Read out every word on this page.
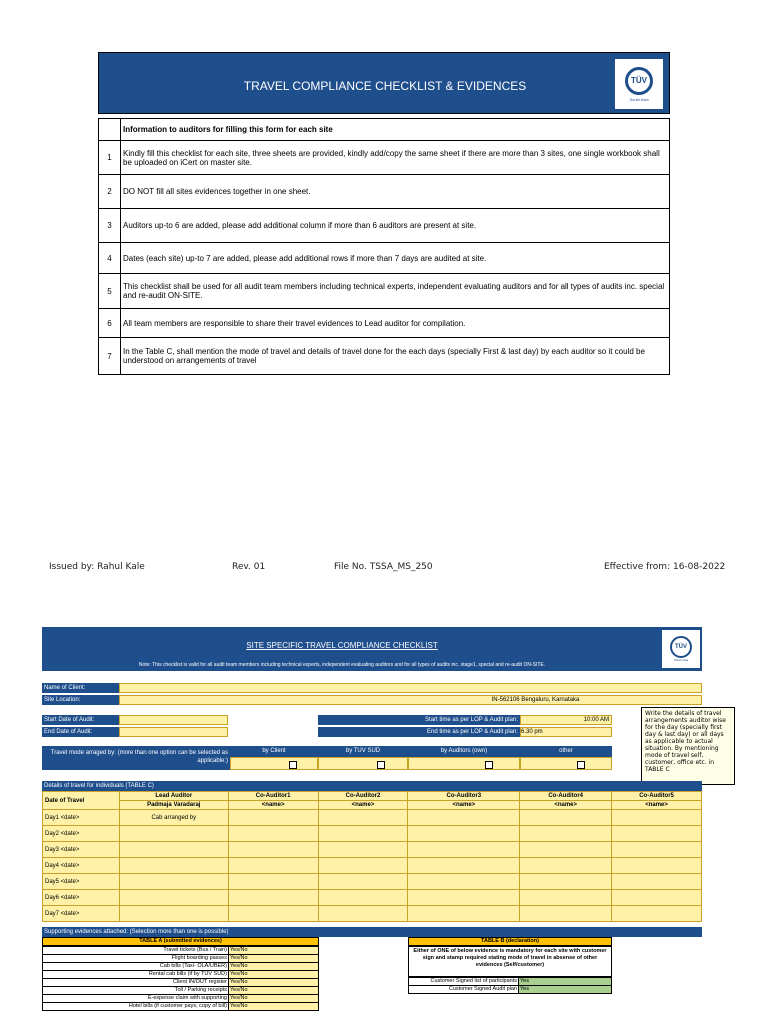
TRAVEL COMPLIANCE CHECKLIST & EVIDENCES	TÜV
South Asia
	Information to auditors for filling this form for each site
1	Kindly fill this checklist for each site, three sheets are provided, kindly add/copy the same sheet if there are more than 3 sites, one single workbook shall be uploaded on iCert on master site.
2	DO NOT fill all sites evidences together in one sheet.
3	Auditors up-to 6 are added, please add additional column if more than 6 auditors are present at site.
4	Dates (each site) up-to 7 are added, please add additional rows if more than 7 days are audited at site.
5	This checklist shall be used for all audit team members including technical experts, independent evaluating auditors and for all types of audits inc. special and re-audit ON-SITE.
6	All team members are responsible to share their travel evidences to Lead auditor for compilation.
7	In the Table C, shall mention the mode of travel and details of travel done for the each days (specially First & last day) by each auditor so it could be understood on arrangements of travel
Issued by: Rahul Kale	Rev. 01	File No. TSSA_MS_250	Effective from: 16-08-2022
SITE SPECIFIC TRAVEL COMPLIANCE CHECKLIST
Note: This checklist is valid for all audit team members including technical experts, independent evaluating auditors and for all types of audits inc. stage1, special and re-audit ON-SITE.
TÜV
South Asia
Name of Client:
Site Location:	IN-562106 Bengaluru, Karnataka
Start Date of Audit:
End Date of Audit:
Start time as per LOP & Audit plan:	10:00 AM
End time as per LOP & Audit plan: 6.30 pm
Write the details of travel arrangements auditor wise for the day (specially first day & last day) or all days as applicable to actual situation. By mentioning mode of travel self, customer, office etc. in TABLE C
Travel mode arraged by: (more than one option can be selected as applicable:)
by Client	by TUV SUD	by Auditors (own)	other
Details of travel for individuals (TABLE C)
Date of Travel	Lead Auditor	Co-Auditor1	Co-Auditor2	Co-Auditor3	Co-Auditor4	Co-Auditor5
	Padmaja Varadaraj	<name>	<name>	<name>	<name>	<name>
Day1 <date>	Cab arranged by					
Day2 <date>						
Day3 <date>						
Day4 <date>						
Day5 <date>						
Day6 <date>						
Day7 <date>						
Supporting evidences attached: (Selection more than one is possible)
TABLE A (submitted evidences)
Travel tickets (Bus / Train)	Yes/No
Flight boarding passes	Yes/No
Cab bills (Taxi- OLA/UBER)	Yes/No
Rental cab bills (if by TUV SUD)	Yes/No
Client IN/OUT register	Yes/No
Toll / Parking receipts	Yes/No
E-expense claim with supporting	Yes/No
Hotel bills (if customer pays, copy of bill)	Yes/No
TABLE B (declaration)
Either of ONE of below evidence is mandatory for each site with customer sign and stamp required stating mode of travel in absense of other evidences (Self/customer)
Customer Signed list of participants	Yes
Customer Signed Audit plan	Yes
